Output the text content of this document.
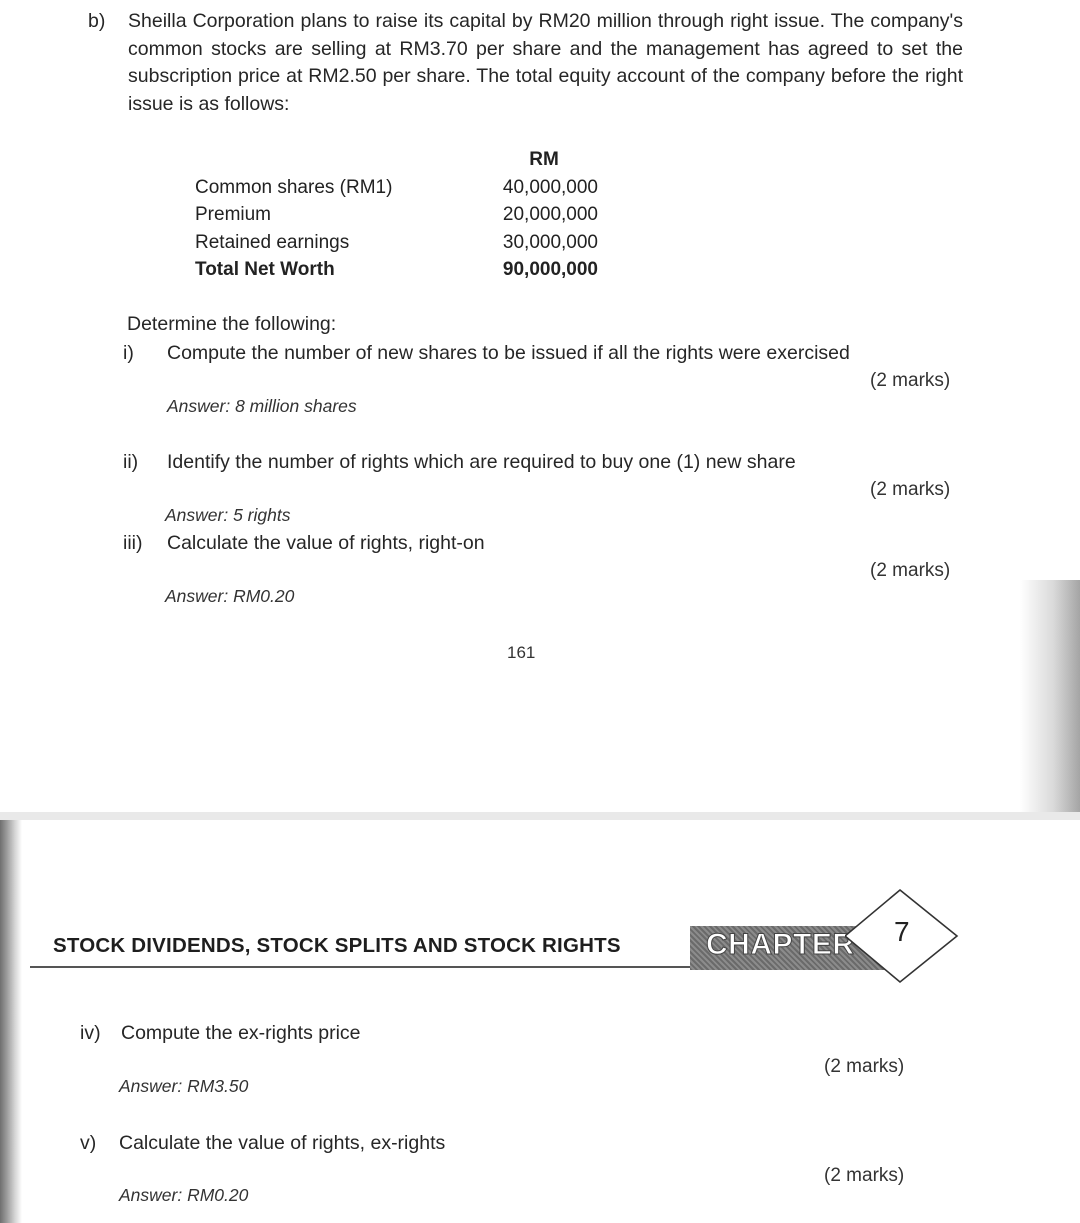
b) Sheilla Corporation plans to raise its capital by RM20 million through right issue. The company's common stocks are selling at RM3.70 per share and the management has agreed to set the subscription price at RM2.50 per share. The total equity account of the company before the right issue is as follows:
RM
Common shares (RM1)	40,000,000
Premium	20,000,000
Retained earnings	30,000,000
Total Net Worth	90,000,000
Determine the following:
i) Compute the number of new shares to be issued if all the rights were exercised
(2 marks)
Answer: 8 million shares
ii) Identify the number of rights which are required to buy one (1) new share
(2 marks)
Answer: 5 rights
iii) Calculate the value of rights, right-on
(2 marks)
Answer: RM0.20
161
STOCK DIVIDENDS, STOCK SPLITS AND STOCK RIGHTS	CHAPTER 7
iv) Compute the ex-rights price
(2 marks)
Answer: RM3.50
v) Calculate the value of rights, ex-rights
(2 marks)
Answer: RM0.20
